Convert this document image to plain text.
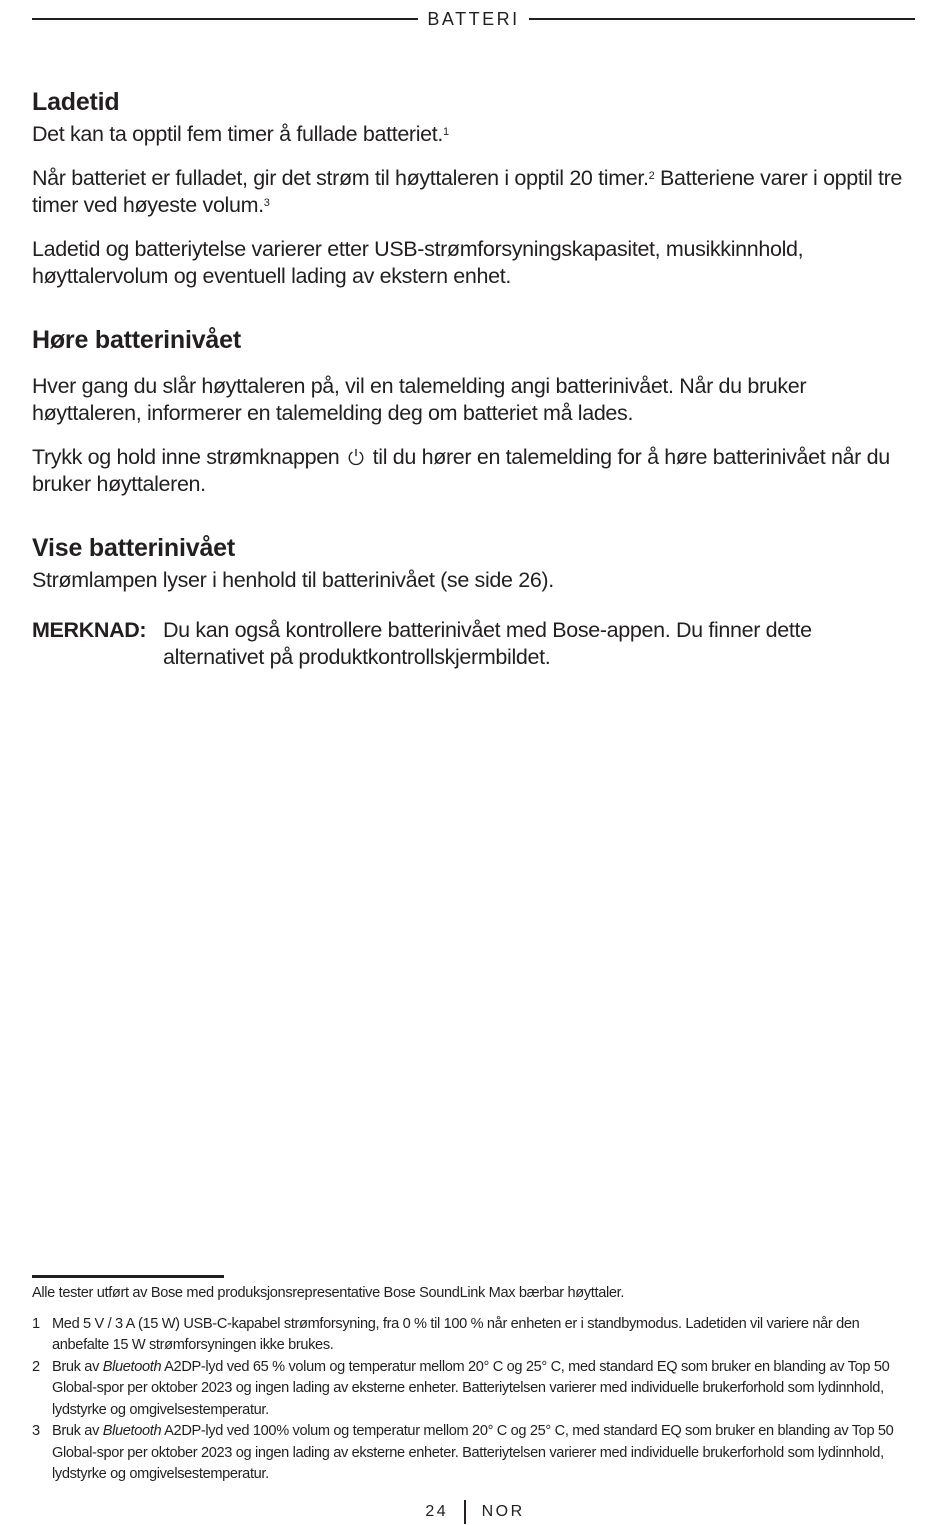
BATTERI
Ladetid

Det kan ta opptil fem timer å fullade batteriet.$^1$

Når batteriet er fulladet, gir det strøm til høyttaleren i opptil 20 timer.$^2$ Batteriene varer i opptil tre timer ved høyeste volum.$^3$

Ladetid og batteriytelse varierer etter USB-strømforsyningskapasitet, musikkinnhold, høyttalervolum og eventuell lading av ekstern enhet.

Høre batterinivået

Hver gang du slår høyttaleren på, vil en talemelding angi batterinivået. Når du bruker høyttaleren, informerer en talemelding deg om batteriet må lades.

Trykk og hold inne strømknappen  til du hører en talemelding for å høre batterinivået når du bruker høyttaleren.

Vise batterinivået

Strømlampen lyser i henhold til batterinivået (se side 26).

MERKNAD: Du kan også kontrollere batterinivået med Bose-appen. Du finner dette alternativet på produktkontrollskjermbildet.
Alle tester utført av Bose med produksjonsrepresentative Bose SoundLink Max bærbar høyttaler.
1 Med 5 V / 3 A (15 W) USB-C-kapabel strømforsyning, fra 0 % til 100 % når enheten er i standbymodus. Ladetiden vil variere når den anbefalte 15 W strømforsyningen ikke brukes.
2 Bruk av Bluetooth A2DP-lyd ved 65 % volum og temperatur mellom 20° C og 25° C, med standard EQ som bruker en blanding av Top 50 Global-spor per oktober 2023 og ingen lading av eksterne enheter. Batteriytelsen varierer med individuelle brukerforhold som lydinnhold, lydstyrke og omgivelsestemperatur.
3 Bruk av Bluetooth A2DP-lyd ved 100% volum og temperatur mellom 20° C og 25° C, med standard EQ som bruker en blanding av Top 50 Global-spor per oktober 2023 og ingen lading av eksterne enheter. Batteriytelsen varierer med individuelle brukerforhold som lydinnhold, lydstyrke og omgivelsestemperatur.
24 NOR
